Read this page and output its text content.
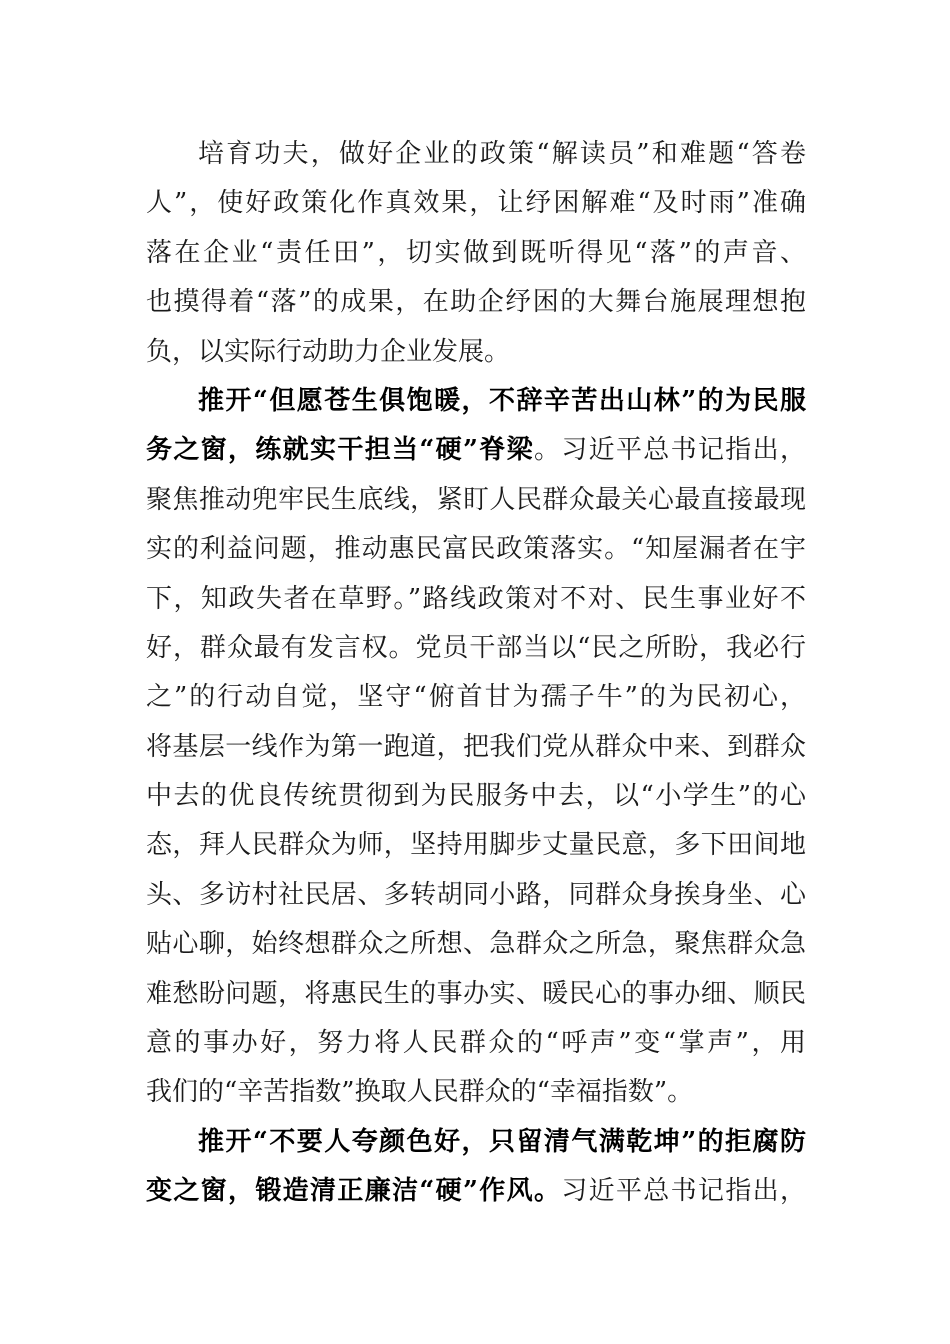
培育功夫，做好企业的政策“解读员”和难题“答卷
人”，使好政策化作真效果，让纾困解难“及时雨”准确
落在企业“责任田”，切实做到既听得见“落”的声音、
也摸得着“落”的成果，在助企纾困的大舞台施展理想抱
负，以实际行动助力企业发展。
推开“但愿苍生俱饱暖，不辞辛苦出山林”的为民服
务之窗，练就实干担当“硬”脊梁。习近平总书记指出，
聚焦推动兜牢民生底线，紧盯人民群众最关心最直接最现
实的利益问题，推动惠民富民政策落实。“知屋漏者在宇
下，知政失者在草野。”路线政策对不对、民生事业好不
好，群众最有发言权。党员干部当以“民之所盼，我必行
之”的行动自觉，坚守“俯首甘为孺子牛”的为民初心，
将基层一线作为第一跑道，把我们党从群众中来、到群众
中去的优良传统贯彻到为民服务中去，以“小学生”的心
态，拜人民群众为师，坚持用脚步丈量民意，多下田间地
头、多访村社民居、多转胡同小路，同群众身挨身坐、心
贴心聊，始终想群众之所想、急群众之所急，聚焦群众急
难愁盼问题，将惠民生的事办实、暖民心的事办细、顺民
意的事办好，努力将人民群众的“呼声”变“掌声”，用
我们的“辛苦指数”换取人民群众的“幸福指数”。
推开“不要人夸颜色好，只留清气满乾坤”的拒腐防
变之窗，锻造清正廉洁“硬”作风。习近平总书记指出，
